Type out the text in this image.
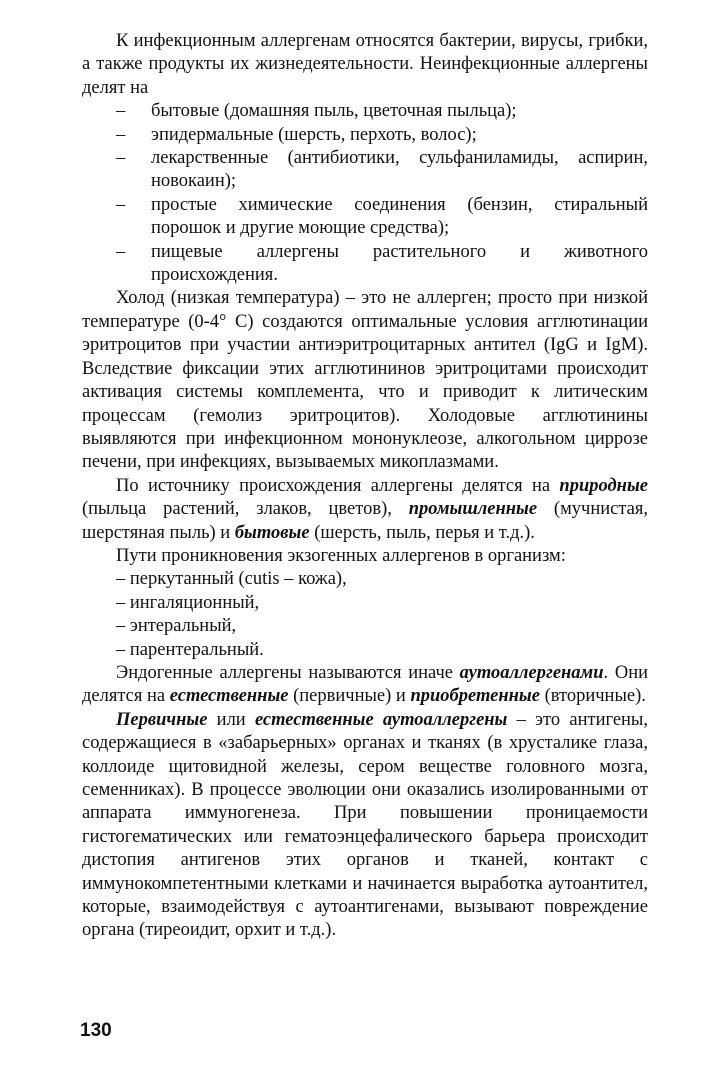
К инфекционным аллергенам относятся бактерии, вирусы, грибки, а также продукты их жизнедеятельности. Неинфекционные аллергены делят на

– бытовые (домашняя пыль, цветочная пыльца);
– эпидермальные (шерсть, перхоть, волос);
– лекарственные (антибиотики, сульфаниламиды, аспирин, новокаин);
– простые химические соединения (бензин, стиральный порошок и другие моющие средства);
– пищевые аллергены растительного и животного происхождения.

Холод (низкая температура) – это не аллерген; просто при низкой температуре (0-4° С) создаются оптимальные условия агглютинации эритроцитов при участии антиэритроцитарных антител (IgG и IgM). Вследствие фиксации этих агглютининов эритроцитами происходит активация системы комплемента, что и приводит к литическим процессам (гемолиз эритроцитов). Холодовые агглютинины выявляются при инфекционном мононуклеозе, алкогольном циррозе печени, при инфекциях, вызываемых микоплазмами.

По источнику происхождения аллергены делятся на природные (пыльца растений, злаков, цветов), промышленные (мучнистая, шерстяная пыль) и бытовые (шерсть, пыль, перья и т.д.).

Пути проникновения экзогенных аллергенов в организм:

– перкутанный (cutis – кожа),
– ингаляционный,
– энтеральный,
– парентеральный.

Эндогенные аллергены называются иначе аутоаллергенами. Они делятся на естественные (первичные) и приобретенные (вторичные).

Первичные или естественные аутоаллергены – это антигены, содержащиеся в «забарьерных» органах и тканях (в хрусталике глаза, коллоиде щитовидной железы, сером веществе головного мозга, семенниках). В процессе эволюции они оказались изолированными от аппарата иммуногенеза. При повышении проницаемости гистогематических или гематоэнцефалического барьера происходит дистопия антигенов этих органов и тканей, контакт с иммунокомпетентными клетками и начинается выработка аутоантител, которые, взаимодействуя с аутоантигенами, вызывают повреждение органа (тиреоидит, орхит и т.д.).

130
